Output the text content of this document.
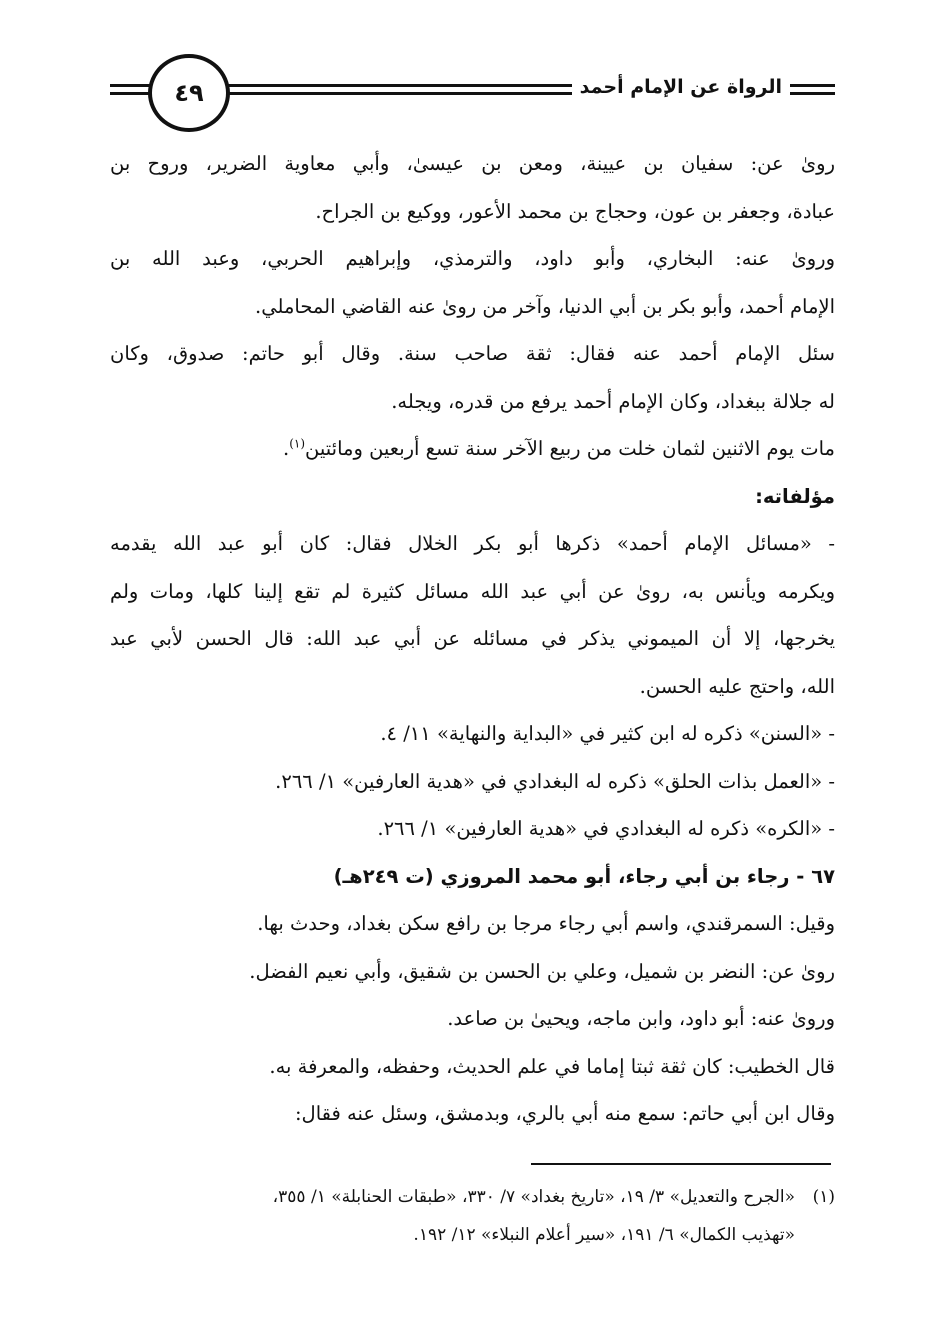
الرواة عن الإمام أحمد
٤٩

رویٰ عن: سفيان بن عيينة، ومعن بن عيسىٰ، وأبي معاوية الضرير، وروح بن

عبادة، وجعفر بن عون، وحجاج بن محمد الأعور، ووكيع بن الجراح.

ورویٰ عنه: البخاري، وأبو داود، والترمذي، وإبراهيم الحربي، وعبد الله بن

الإمام أحمد، وأبو بكر بن أبي الدنيا، وآخر من رویٰ عنه القاضي المحاملي.

سئل الإمام أحمد عنه فقال: ثقة صاحب سنة. وقال أبو حاتم: صدوق، وكان

له جلالة ببغداد، وكان الإمام أحمد يرفع من قدره، ويجله.

مات يوم الاثنين لثمان خلت من ربيع الآخر سنة تسع أربعين ومائتين$^{(١)}$.

مؤلفاته:

- «مسائل الإمام أحمد» ذكرها أبو بكر الخلال فقال: كان أبو عبد الله يقدمه

ويكرمه ويأنس به، رویٰ عن أبي عبد الله مسائل كثيرة لم تقع إلينا كلها، ومات ولم

يخرجها، إلا أن الميموني يذكر في مسائله عن أبي عبد الله: قال الحسن لأبي عبد

الله، واحتج عليه الحسن.

- «السنن» ذكره له ابن كثير في «البداية والنهاية» ١١/ ٤.

- «العمل بذات الحلق» ذكره له البغدادي في «هدية العارفين» ١/ ٢٦٦.

- «الكره» ذكره له البغدادي في «هدية العارفين» ١/ ٢٦٦.

٦٧ - رجاء بن أبي رجاء، أبو محمد المروزي (ت ٢٤٩هـ)

وقيل: السمرقندي، واسم أبي رجاء مرجا بن رافع سكن بغداد، وحدث بها.

رویٰ عن: النضر بن شميل، وعلي بن الحسن بن شقيق، وأبي نعيم الفضل.

ورویٰ عنه: أبو داود، وابن ماجه، ويحيىٰ بن صاعد.

قال الخطيب: كان ثقة ثبتا إماما في علم الحديث، وحفظه، والمعرفة به.

وقال ابن أبي حاتم: سمع منه أبي بالري، وبدمشق، وسئل عنه فقال:

(١)«الجرح والتعديل» ٣/ ١٩، «تاريخ بغداد» ٧/ ٣٣٠، «طبقات الحنابلة» ١/ ٣٥٥،

«تهذيب الكمال» ٦/ ١٩١، «سير أعلام النبلاء» ١٢/ ١٩٢.
